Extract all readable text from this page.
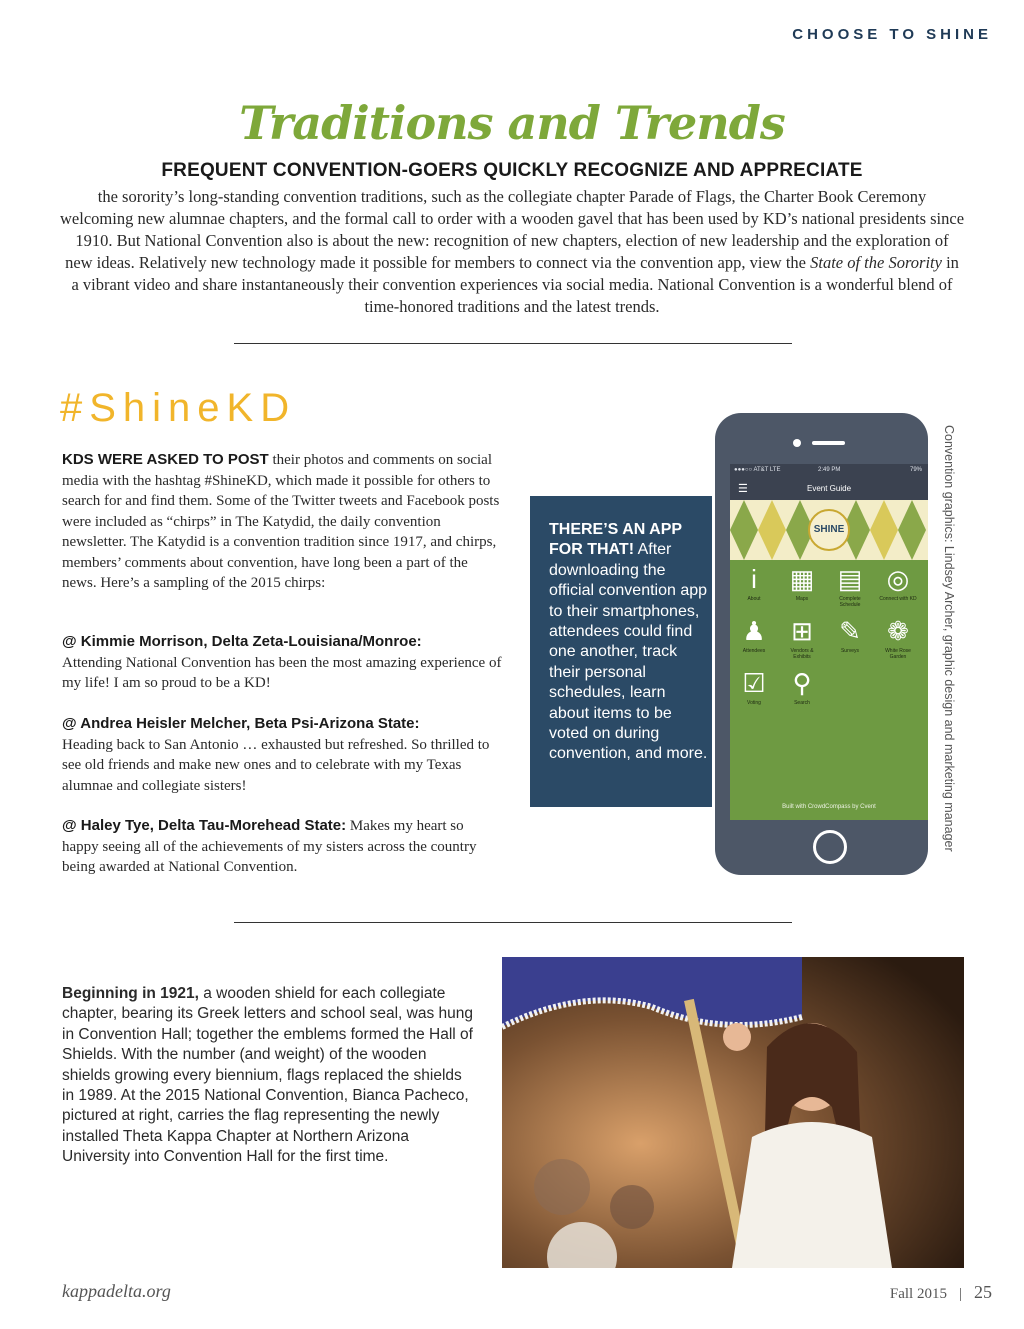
CHOOSE TO SHINE
Traditions and Trends
FREQUENT CONVENTION-GOERS QUICKLY RECOGNIZE AND APPRECIATE
the sorority’s long-standing convention traditions, such as the collegiate chapter Parade of Flags, the Charter Book Ceremony welcoming new alumnae chapters, and the formal call to order with a wooden gavel that has been used by KD’s national presidents since 1910. But National Convention also is about the new: recognition of new chapters, election of new leadership and the exploration of new ideas. Relatively new technology made it possible for members to connect via the convention app, view the State of the Sorority in a vibrant video and share instantaneously their convention experiences via social media. National Convention is a wonderful blend of time-honored traditions and the latest trends.
#ShineKD
KDS WERE ASKED TO POST their photos and comments on social media with the hashtag #ShineKD, which made it possible for others to search for and find them. Some of the Twitter tweets and Facebook posts were included as “chirps” in The Katydid, the daily convention newsletter. The Katydid is a convention tradition since 1917, and chirps, members’ comments about convention, have long been a part of the news. Here’s a sampling of the 2015 chirps:
@ Kimmie Morrison, Delta Zeta-Louisiana/Monroe:
Attending National Convention has been the most amazing experience of my life! I am so proud to be a KD!
@ Andrea Heisler Melcher, Beta Psi-Arizona State:
Heading back to San Antonio … exhausted but refreshed. So thrilled to see old friends and make new ones and to celebrate with my Texas alumnae and collegiate sisters!
@ Haley Tye, Delta Tau-Morehead State: Makes my heart so happy seeing all of the achievements of my sisters across the country being awarded at National Convention.
●●●○○ AT&T LTE	2:49 PM	79%
☰	Event Guide
SHINE
i
About
▦
Maps
▤
Complete Schedule
◎
Connect with KD
♟
Attendees
⊞
Vendors & Exhibits
✎
Surveys
❁
White Rose Garden
☑
Voting
⚲
Search
Built with CrowdCompass by Cvent
THERE’S AN APP FOR THAT! After downloading the official convention app to their smartphones, attendees could find one another, track their personal schedules, learn about items to be voted on during convention, and more.	Convention graphics: Lindsey Archer, graphic design and marketing manager
Beginning in 1921, a wooden shield for each collegiate chapter, bearing its Greek letters and school seal, was hung in Convention Hall; together the emblems formed the Hall of Shields. With the number (and weight) of the wooden shields growing every biennium, flags replaced the shields in 1989. At the 2015 National Convention, Bianca Pacheco, pictured at right, carries the flag representing the newly installed Theta Kappa Chapter at Northern Arizona University into Convention Hall for the first time.
kappadelta.org	Fall 2015 | 25
